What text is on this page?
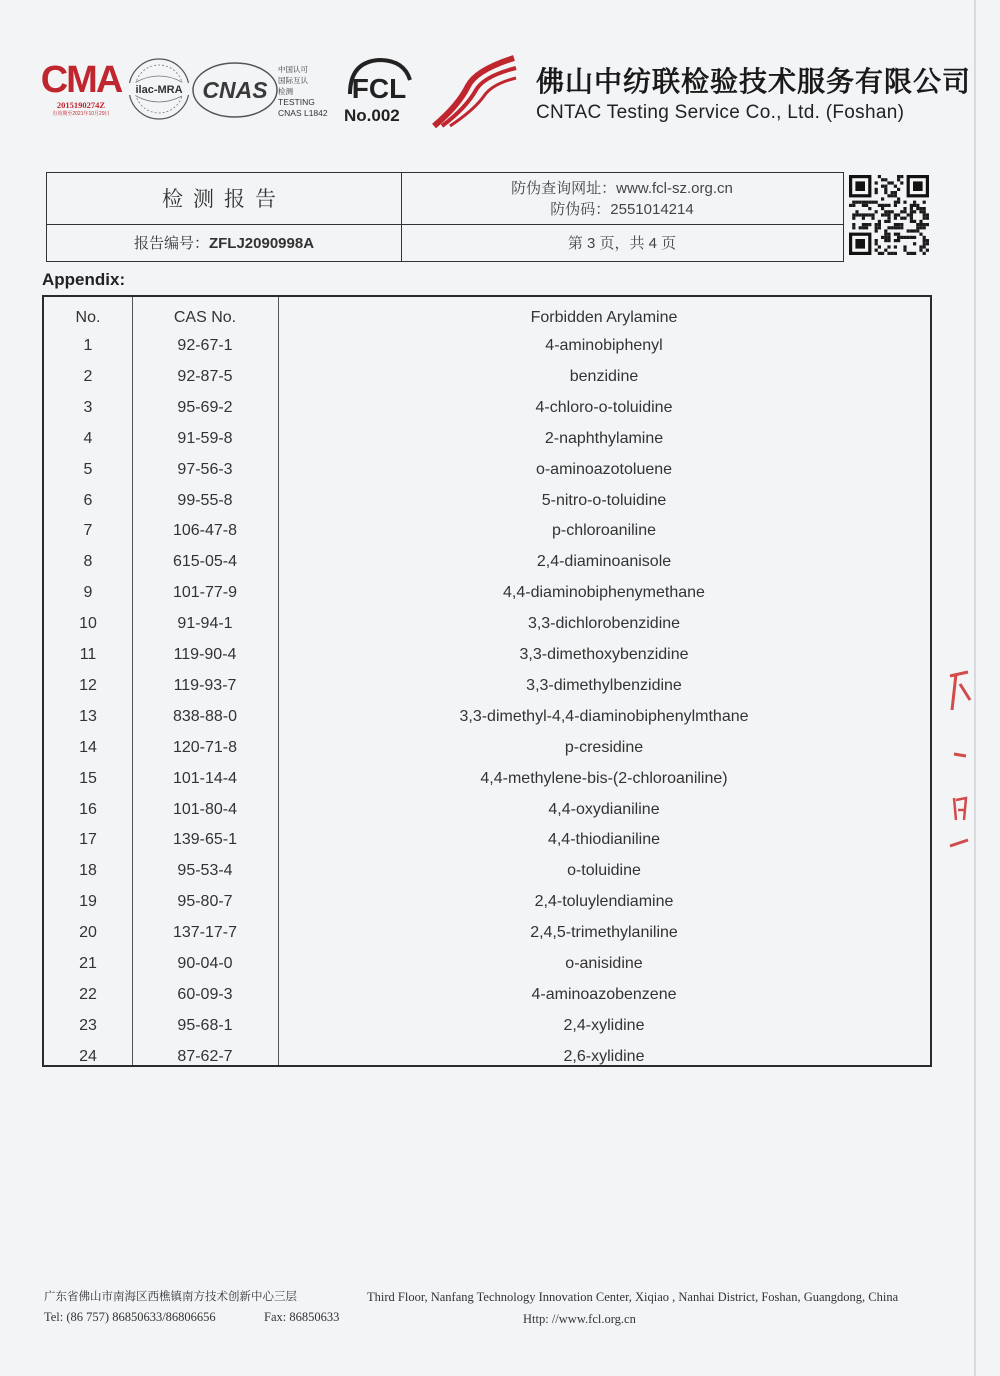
CMA
2015190274Z
有效期至2021年10月29日
ilac-MRA CNAS
中国认可
国际互认
检测
TESTING
CNAS L1842
FCL
No.002
佛山中纺联检验技术服务有限公司
CNTAC Testing Service Co., Ltd. (Foshan)
检测报告
报告编号：ZFLJ2090998A
防伪查询网址：www.fcl-sz.org.cn
防伪码：2551014214
第 3 页，共 4 页
Appendix:
No.	CAS No.	Forbidden Arylamine
1	92-67-1	4-aminobiphenyl
2	92-87-5	benzidine
3	95-69-2	4-chloro-o-toluidine
4	91-59-8	2-naphthylamine
5	97-56-3	o-aminoazotoluene
6	99-55-8	5-nitro-o-toluidine
7	106-47-8	p-chloroaniline
8	615-05-4	2,4-diaminoanisole
9	101-77-9	4,4-diaminobiphenymethane
10	91-94-1	3,3-dichlorobenzidine
11	119-90-4	3,3-dimethoxybenzidine
12	119-93-7	3,3-dimethylbenzidine
13	838-88-0	3,3-dimethyl-4,4-diaminobiphenylmthane
14	120-71-8	p-cresidine
15	101-14-4	4,4-methylene-bis-(2-chloroaniline)
16	101-80-4	4,4-oxydianiline
17	139-65-1	4,4-thiodianiline
18	95-53-4	o-toluidine
19	95-80-7	2,4-toluylendiamine
20	137-17-7	2,4,5-trimethylaniline
21	90-04-0	o-anisidine
22	60-09-3	4-aminoazobenzene
23	95-68-1	2,4-xylidine
24	87-62-7	2,6-xylidine
广东省佛山市南海区西樵镇南方技术创新中心三层
Tel: (86 757) 86850633/86806656	Fax: 86850633
Third Floor, Nanfang Technology Innovation Center, Xiqiao , Nanhai District, Foshan, Guangdong, China
Http: //www.fcl.org.cn
